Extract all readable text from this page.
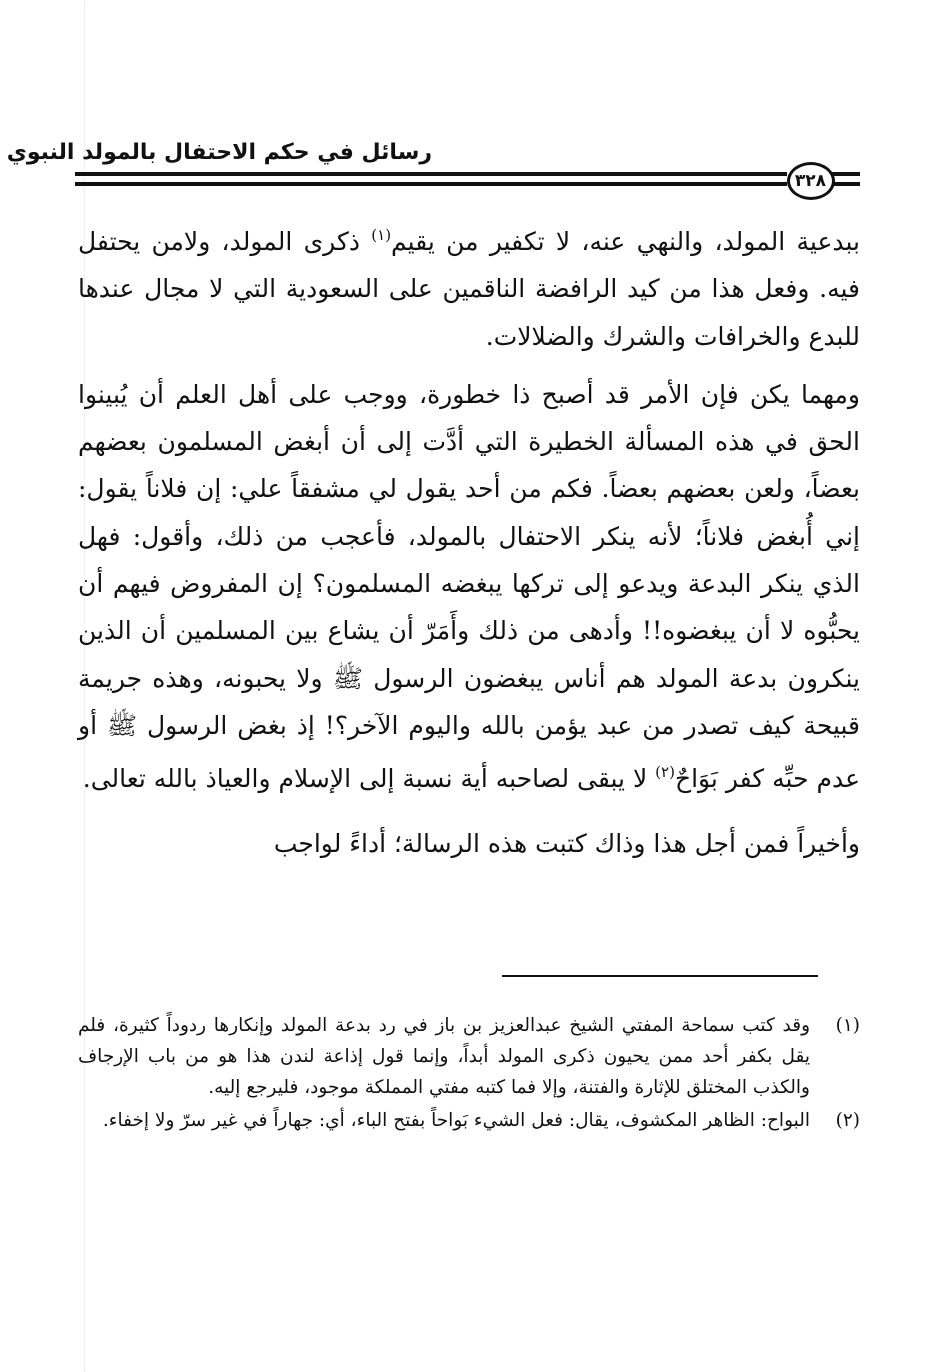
رسائل في حكم الاحتفال بالمولد النبوي
٣٢٨

ببدعية المولد، والنهي عنه، لا تكفير من يقيم$^{(١)}$ ذكرى المولد، ولامن يحتفل فيه. وفعل هذا من كيد الرافضة الناقمين على السعودية التي لا مجال عندها للبدع والخرافات والشرك والضلالات.

ومهما يكن فإن الأمر قد أصبح ذا خطورة، ووجب على أهل العلم أن يُبينوا الحق في هذه المسألة الخطيرة التي أدَّت إلى أن أبغض المسلمون بعضهم بعضاً، ولعن بعضهم بعضاً. فكم من أحد يقول لي مشفقاً علي: إن فلاناً يقول: إني أُبغض فلاناً؛ لأنه ينكر الاحتفال بالمولد، فأعجب من ذلك، وأقول: فهل الذي ينكر البدعة ويدعو إلى تركها يبغضه المسلمون؟ إن المفروض فيهم أن يحبُّوه لا أن يبغضوه!! وأدهى من ذلك وأَمَرّ أن يشاع بين المسلمين أن الذين ينكرون بدعة المولد هم أناس يبغضون الرسول ﷺ ولا يحبونه، وهذه جريمة قبيحة كيف تصدر من عبد يؤمن بالله واليوم الآخر؟! إذ بغض الرسول ﷺ أو عدم حبِّه كفر بَوَاحٌ$^{(٢)}$ لا يبقى لصاحبه أية نسبة إلى الإسلام والعياذ بالله تعالى.

وأخيراً فمن أجل هذا وذاك كتبت هذه الرسالة؛ أداءً لواجب

(١)
وقد كتب سماحة المفتي الشيخ عبدالعزيز بن باز في رد بدعة المولد وإنكارها ردوداً كثيرة، فلم يقل بكفر أحد ممن يحيون ذكرى المولد أبداً، وإنما قول إذاعة لندن هذا هو من باب الإرجاف والكذب المختلق للإثارة والفتنة، وإلا فما كتبه مفتي المملكة موجود، فليرجع إليه.
(٢)
البواح: الظاهر المكشوف، يقال: فعل الشيء بَواحاً بفتح الباء، أي: جهاراً في غير سرّ ولا إخفاء.
